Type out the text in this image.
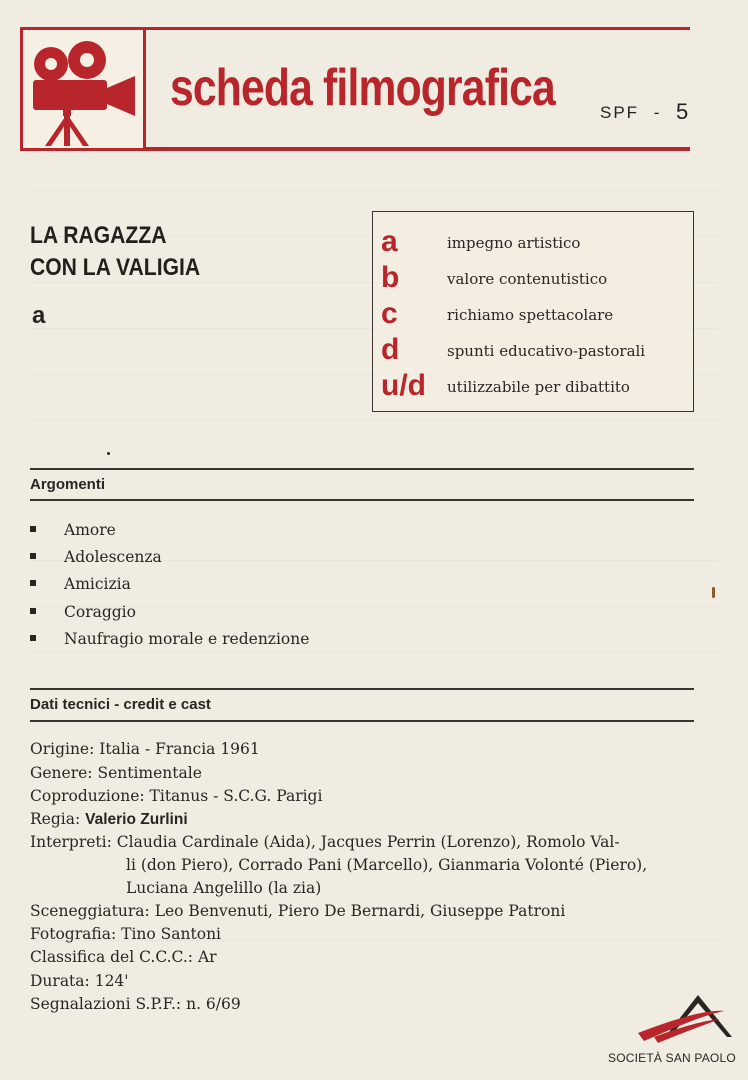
scheda filmografica	SPF - 5
LA RAGAZZA
CON LA VALIGIA
a
a	impegno artistico
b	valore contenutistico
c	richiamo spettacolare
d	spunti educativo-pastorali
u/d utilizzabile per dibattito
Argomenti
Amore
Adolescenza
Amicizia
Coraggio
Naufragio morale e redenzione
Dati tecnici - credit e cast
Origine: Italia - Francia 1961
Genere: Sentimentale
Coproduzione: Titanus - S.C.G. Parigi
Regia: Valerio Zurlini
Interpreti: Claudia Cardinale (Aida), Jacques Perrin (Lorenzo), Romolo Val-
li (don Piero), Corrado Pani (Marcello), Gianmaria Volonté (Piero),
Luciana Angelillo (la zia)
Sceneggiatura: Leo Benvenuti, Piero De Bernardi, Giuseppe Patroni
Fotografia: Tino Santoni
Classifica del C.C.C.: Ar
Durata: 124'
Segnalazioni S.P.F.: n. 6/69
SOCIETÀ SAN PAOLO
